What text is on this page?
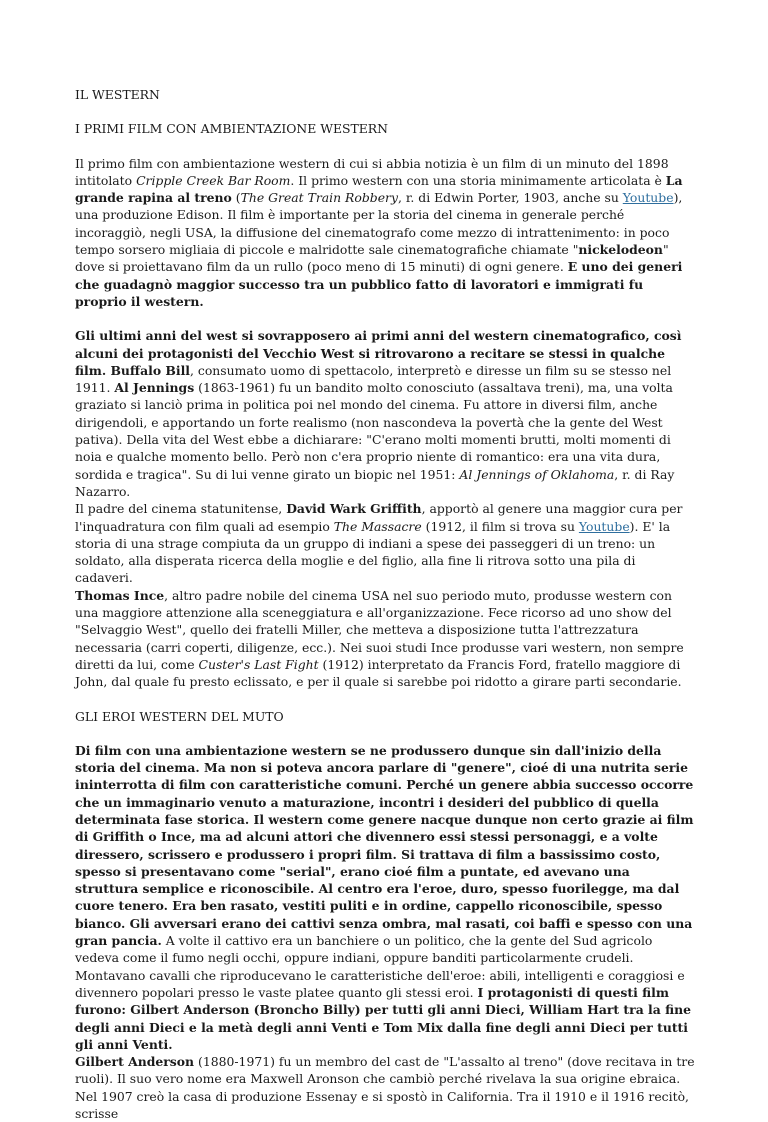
IL WESTERN
I PRIMI FILM CON AMBIENTAZIONE WESTERN

Il primo film con ambientazione western di cui si abbia notizia è un film di un minuto del 1898 intitolato Cripple Creek Bar Room. Il primo western con una storia minimamente articolata è La grande rapina al treno (The Great Train Robbery, r. di Edwin Porter, 1903, anche su Youtube), una produzione Edison. Il film è importante per la storia del cinema in generale perché incoraggiò, negli USA, la diffusione del cinematografo come mezzo di intrattenimento: in poco tempo sorsero migliaia di piccole e malridotte sale cinematografiche chiamate "nickelodeon" dove si proiettavano film da un rullo (poco meno di 15 minuti) di ogni genere. E uno dei generi che guadagnò maggior successo tra un pubblico fatto di lavoratori e immigrati fu proprio il western.

Gli ultimi anni del west si sovrapposero ai primi anni del western cinematografico, così alcuni dei protagonisti del Vecchio West si ritrovarono a recitare se stessi in qualche film. Buffalo Bill, consumato uomo di spettacolo, interpretò e diresse un film su se stesso nel 1911. Al Jennings (1863-1961) fu un bandito molto conosciuto (assaltava treni), ma, una volta graziato si lanciò prima in politica poi nel mondo del cinema. Fu attore in diversi film, anche dirigendoli, e apportando un forte realismo (non nascondeva la povertà che la gente del West pativa). Della vita del West ebbe a dichiarare: "C'erano molti momenti brutti, molti momenti di noia e qualche momento bello. Però non c'era proprio niente di romantico: era una vita dura, sordida e tragica". Su di lui venne girato un biopic nel 1951: Al Jennings of Oklahoma, r. di Ray Nazarro.

Il padre del cinema statunitense, David Wark Griffith, apportò al genere una maggior cura per l'inquadratura con film quali ad esempio The Massacre (1912, il film si trova su Youtube). E' la storia di una strage compiuta da un gruppo di indiani a spese dei passeggeri di un treno: un soldato, alla disperata ricerca della moglie e del figlio, alla fine li ritrova sotto una pila di cadaveri.

Thomas Ince, altro padre nobile del cinema USA nel suo periodo muto, produsse western con una maggiore attenzione alla sceneggiatura e all'organizzazione. Fece ricorso ad uno show del "Selvaggio West", quello dei fratelli Miller, che metteva a disposizione tutta l'attrezzatura necessaria (carri coperti, diligenze, ecc.). Nei suoi studi Ince produsse vari western, non sempre diretti da lui, come Custer's Last Fight (1912) interpretato da Francis Ford, fratello maggiore di John, dal quale fu presto eclissato, e per il quale si sarebbe poi ridotto a girare parti secondarie.

GLI EROI WESTERN DEL MUTO

Di film con una ambientazione western se ne produssero dunque sin dall'inizio della storia del cinema. Ma non si poteva ancora parlare di "genere", cioé di una nutrita serie ininterrotta di film con caratteristiche comuni. Perché un genere abbia successo occorre che un immaginario venuto a maturazione, incontri i desideri del pubblico di quella determinata fase storica. Il western come genere nacque dunque non certo grazie ai film di Griffith o Ince, ma ad alcuni attori che divennero essi stessi personaggi, e a volte diressero, scrissero e produssero i propri film. Si trattava di film a bassissimo costo, spesso si presentavano come "serial", erano cioé film a puntate, ed avevano una struttura semplice e riconoscibile. Al centro era l'eroe, duro, spesso fuorilegge, ma dal cuore tenero. Era ben rasato, vestiti puliti e in ordine, cappello riconoscibile, spesso bianco. Gli avversari erano dei cattivi senza ombra, mal rasati, coi baffi e spesso con una gran pancia. A volte il cattivo era un banchiere o un politico, che la gente del Sud agricolo vedeva come il fumo negli occhi, oppure indiani, oppure banditi particolarmente crudeli. Montavano cavalli che riproducevano le caratteristiche dell'eroe: abili, intelligenti e coraggiosi e divennero popolari presso le vaste platee quanto gli stessi eroi. I protagonisti di questi film furono: Gilbert Anderson (Broncho Billy) per tutti gli anni Dieci, William Hart tra la fine degli anni Dieci e la metà degli anni Venti e Tom Mix dalla fine degli anni Dieci per tutti gli anni Venti.

Gilbert Anderson (1880-1971) fu un membro del cast de "L'assalto al treno" (dove recitava in tre ruoli). Il suo vero nome era Maxwell Aronson che cambiò perché rivelava la sua origine ebraica. Nel 1907 creò la casa di produzione Essenay e si spostò in California. Tra il 1910 e il 1916 recitò, scrisse
